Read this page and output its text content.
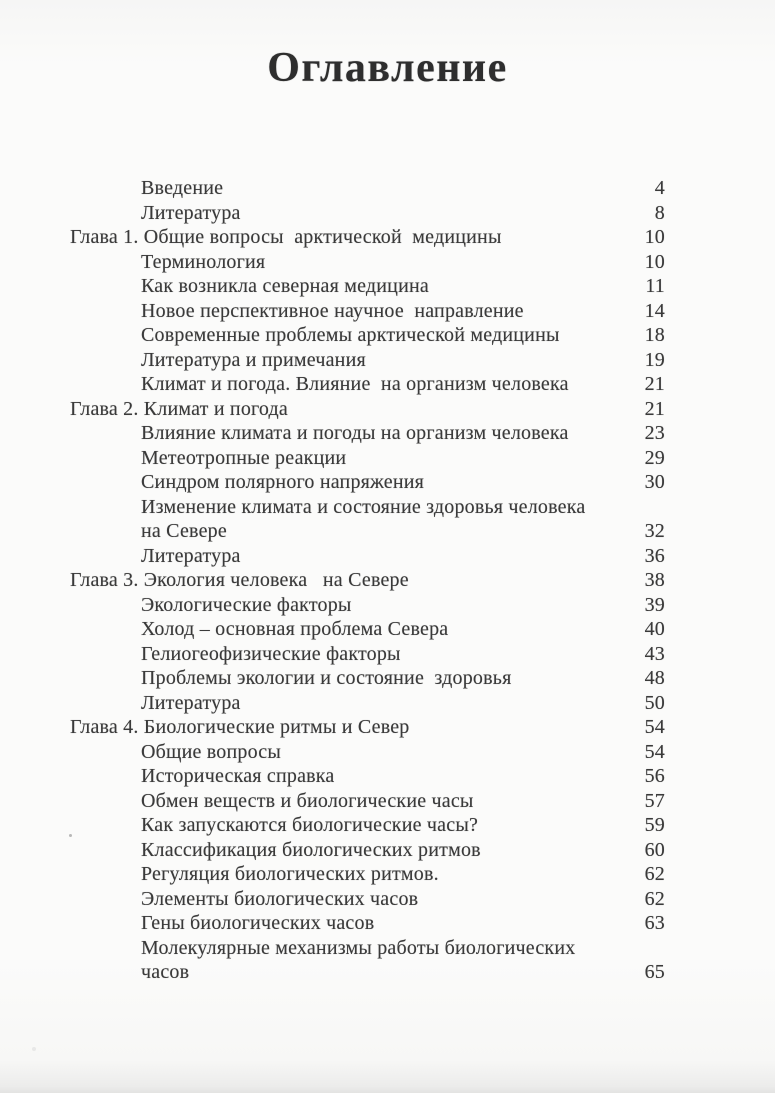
Оглавление
Введение	4
Литература	8
Глава 1. Общие вопросы  арктической  медицины	10
Терминология	10
Как возникла северная медицина	11
Новое перспективное научное  направление	14
Современные проблемы арктической медицины	18
Литература и примечания	19
Климат и погода. Влияние  на организм человека	21
Глава 2. Климат и погода	21
Влияние климата и погоды на организм человека	23
Метеотропные реакции	29
Синдром полярного напряжения	30
Изменение климата и состояние здоровья человека
на Севере	32
Литература	36
Глава 3. Экология человека   на Севере	38
Экологические факторы	39
Холод – основная проблема Севера	40
Гелиогеофизические факторы	43
Проблемы экологии и состояние  здоровья	48
Литература	50
Глава 4. Биологические ритмы и Север	54
Общие вопросы	54
Историческая справка	56
Обмен веществ и биологические часы	57
Как запускаются биологические часы?	59
Классификация биологических ритмов	60
Регуляция биологических ритмов.	62
Элементы биологических часов	62
Гены биологических часов	63
Молекулярные механизмы работы биологических
часов	65
